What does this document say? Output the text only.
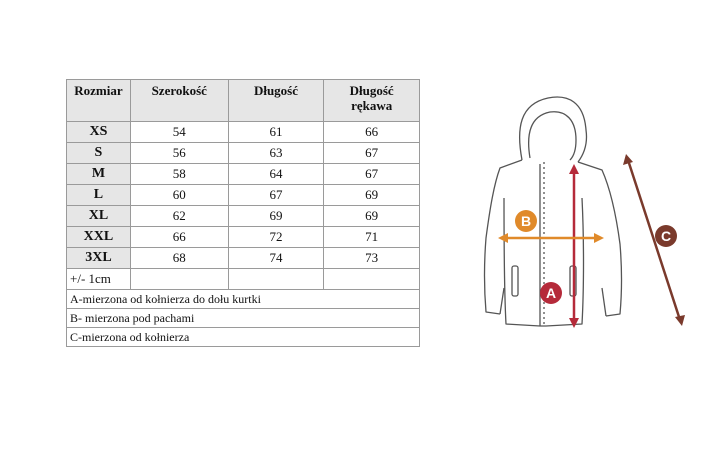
Rozmiar	Szerokość	Długość	Długość
rękawa
XS	54	61	66
S	56	63	67
M	58	64	67
L	60	67	69
XL	62	69	69
XXL	66	72	71
3XL	68	74	73
+/- 1cm			
A-mierzona od kołnierza do dołu kurtki			
B- mierzona pod pachami			
C-mierzona od kołnierza			
A
B
C
